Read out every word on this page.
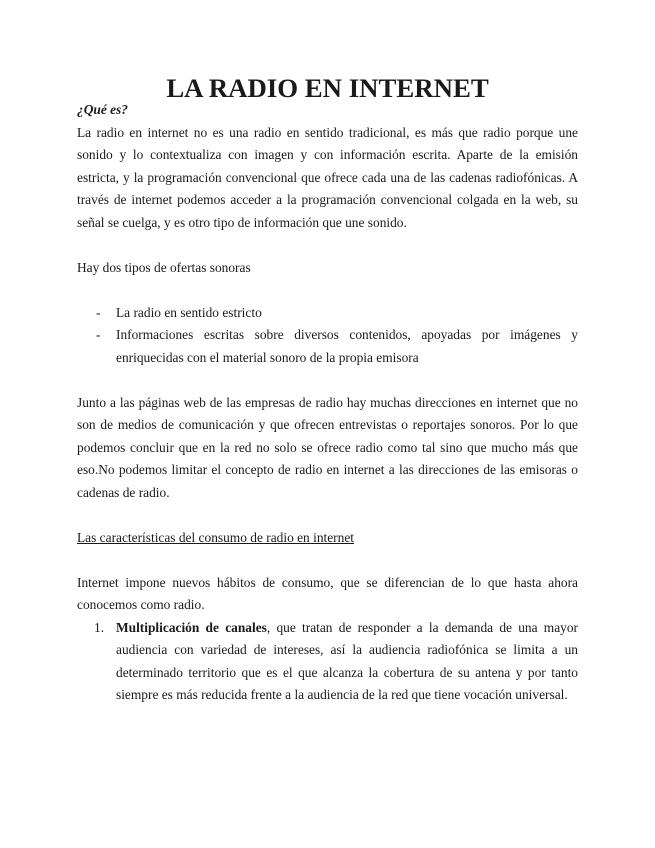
LA RADIO EN INTERNET
¿Qué es?

La radio en internet no es una radio en sentido tradicional, es más que radio porque une sonido y lo contextualiza con imagen y con información escrita. Aparte de la emisión estricta, y la programación convencional que ofrece cada una de las cadenas radiofónicas. A través de internet podemos acceder a la programación convencional colgada en la web, su señal se cuelga, y es otro tipo de información que une sonido.

Hay dos tipos de ofertas sonoras

- La radio en sentido estricto
- Informaciones escritas sobre diversos contenidos, apoyadas por imágenes y enriquecidas con el material sonoro de la propia emisora

Junto a las páginas web de las empresas de radio hay muchas direcciones en internet que no son de medios de comunicación y que ofrecen entrevistas o reportajes sonoros. Por lo que podemos concluir que en la red no solo se ofrece radio como tal sino que mucho más que eso.No podemos limitar el concepto de radio en internet a las direcciones de las emisoras o cadenas de radio.

Las características del consumo de radio en internet

Internet impone nuevos hábitos de consumo, que se diferencian de lo que hasta ahora conocemos como radio.

1. Multiplicación de canales, que tratan de responder a la demanda de una mayor audiencia con variedad de intereses, así la audiencia radiofónica se limita a un determinado territorio que es el que alcanza la cobertura de su antena y por tanto siempre es más reducida frente a la audiencia de la red que tiene vocación universal.
